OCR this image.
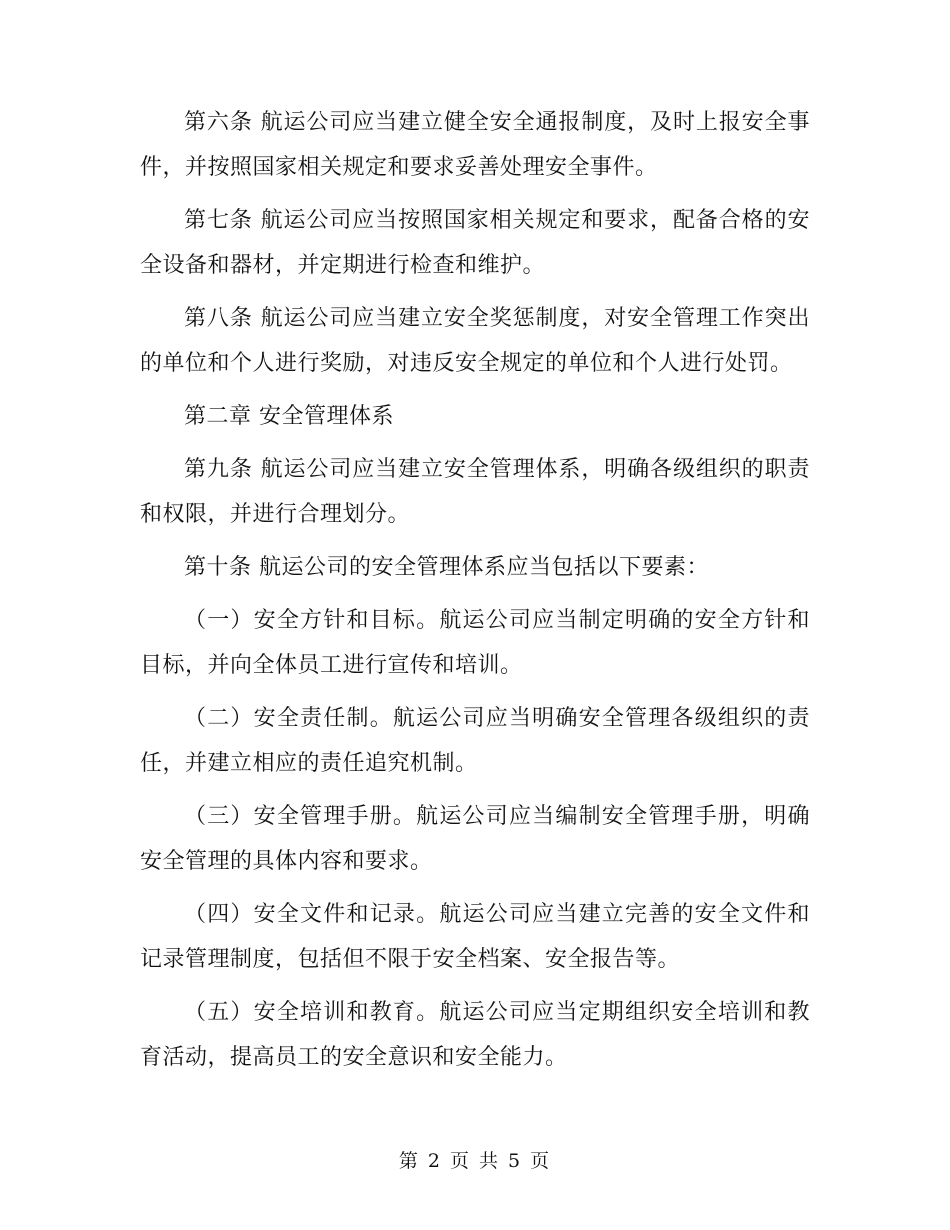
第六条 航运公司应当建立健全安全通报制度，及时上报安全事件，并按照国家相关规定和要求妥善处理安全事件。

第七条 航运公司应当按照国家相关规定和要求，配备合格的安全设备和器材，并定期进行检查和维护。

第八条 航运公司应当建立安全奖惩制度，对安全管理工作突出的单位和个人进行奖励，对违反安全规定的单位和个人进行处罚。

第二章 安全管理体系

第九条 航运公司应当建立安全管理体系，明确各级组织的职责和权限，并进行合理划分。

第十条 航运公司的安全管理体系应当包括以下要素：

（一）安全方针和目标。航运公司应当制定明确的安全方针和目标，并向全体员工进行宣传和培训。

（二）安全责任制。航运公司应当明确安全管理各级组织的责任，并建立相应的责任追究机制。

（三）安全管理手册。航运公司应当编制安全管理手册，明确安全管理的具体内容和要求。

（四）安全文件和记录。航运公司应当建立完善的安全文件和记录管理制度，包括但不限于安全档案、安全报告等。

（五）安全培训和教育。航运公司应当定期组织安全培训和教育活动，提高员工的安全意识和安全能力。

第 2 页 共 5 页
